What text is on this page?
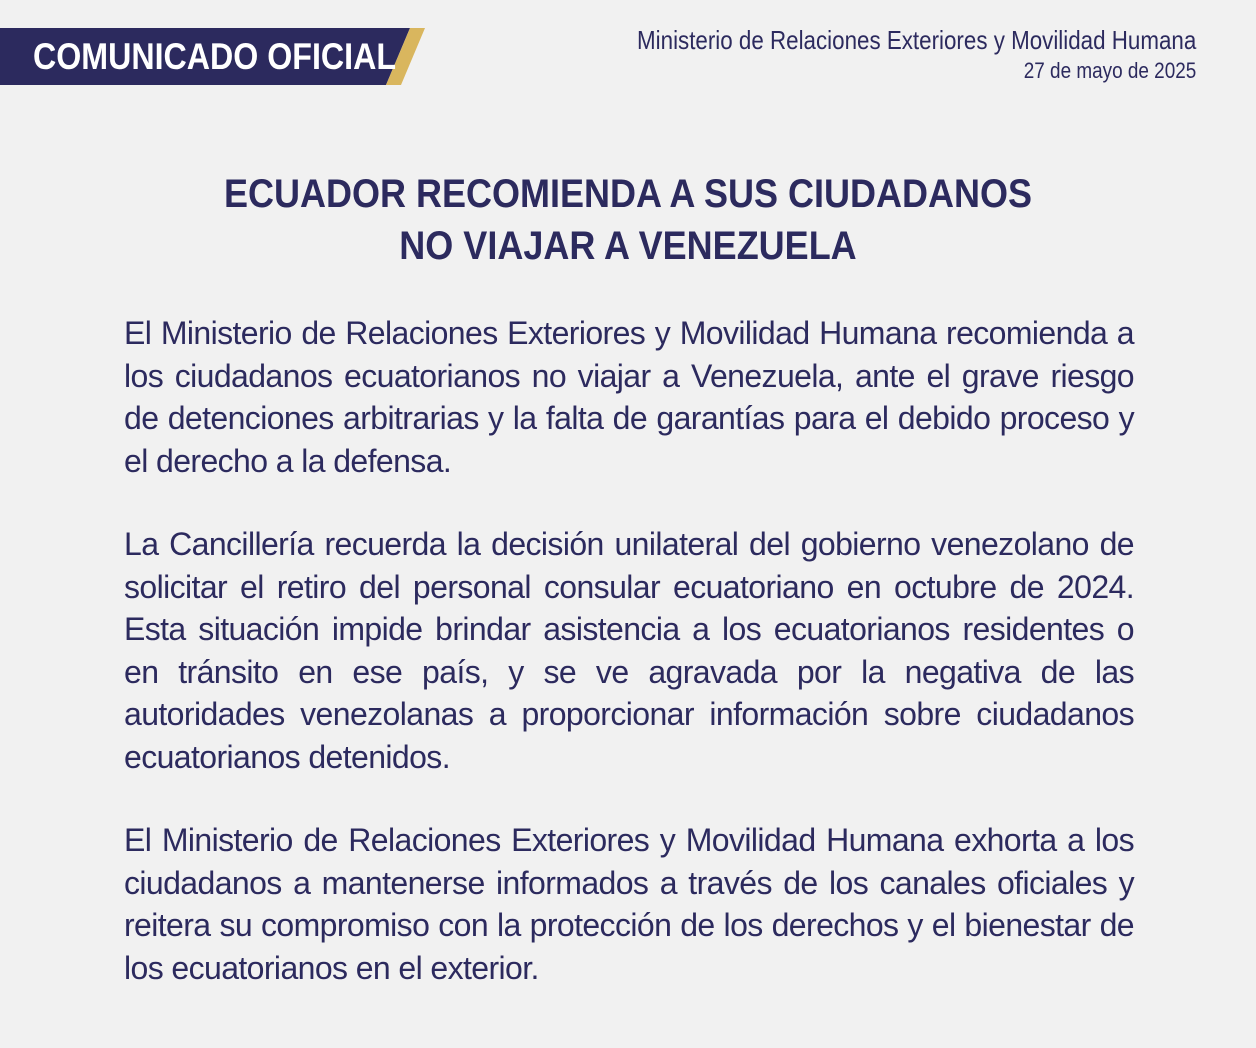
COMUNICADO OFICIAL	Ministerio de Relaciones Exteriores y Movilidad Humana
27 de mayo de 2025
ECUADOR RECOMIENDA A SUS CIUDADANOS
NO VIAJAR A VENEZUELA

El Ministerio de Relaciones Exteriores y Movilidad Humana recomienda a los ciudadanos ecuatorianos no viajar a Venezuela, ante el grave riesgo de detenciones arbitrarias y la falta de garantías para el debido proceso y el derecho a la defensa.

La Cancillería recuerda la decisión unilateral del gobierno venezolano de solicitar el retiro del personal consular ecuatoriano en octubre de 2024. Esta situación impide brindar asistencia a los ecuatorianos residentes o en tránsito en ese país, y se ve agravada por la negativa de las autoridades venezolanas a proporcionar información sobre ciudadanos ecuatorianos detenidos.

El Ministerio de Relaciones Exteriores y Movilidad Humana exhorta a los ciudadanos a mantenerse informados a través de los canales oficiales y reitera su compromiso con la protección de los derechos y el bienestar de los ecuatorianos en el exterior.
